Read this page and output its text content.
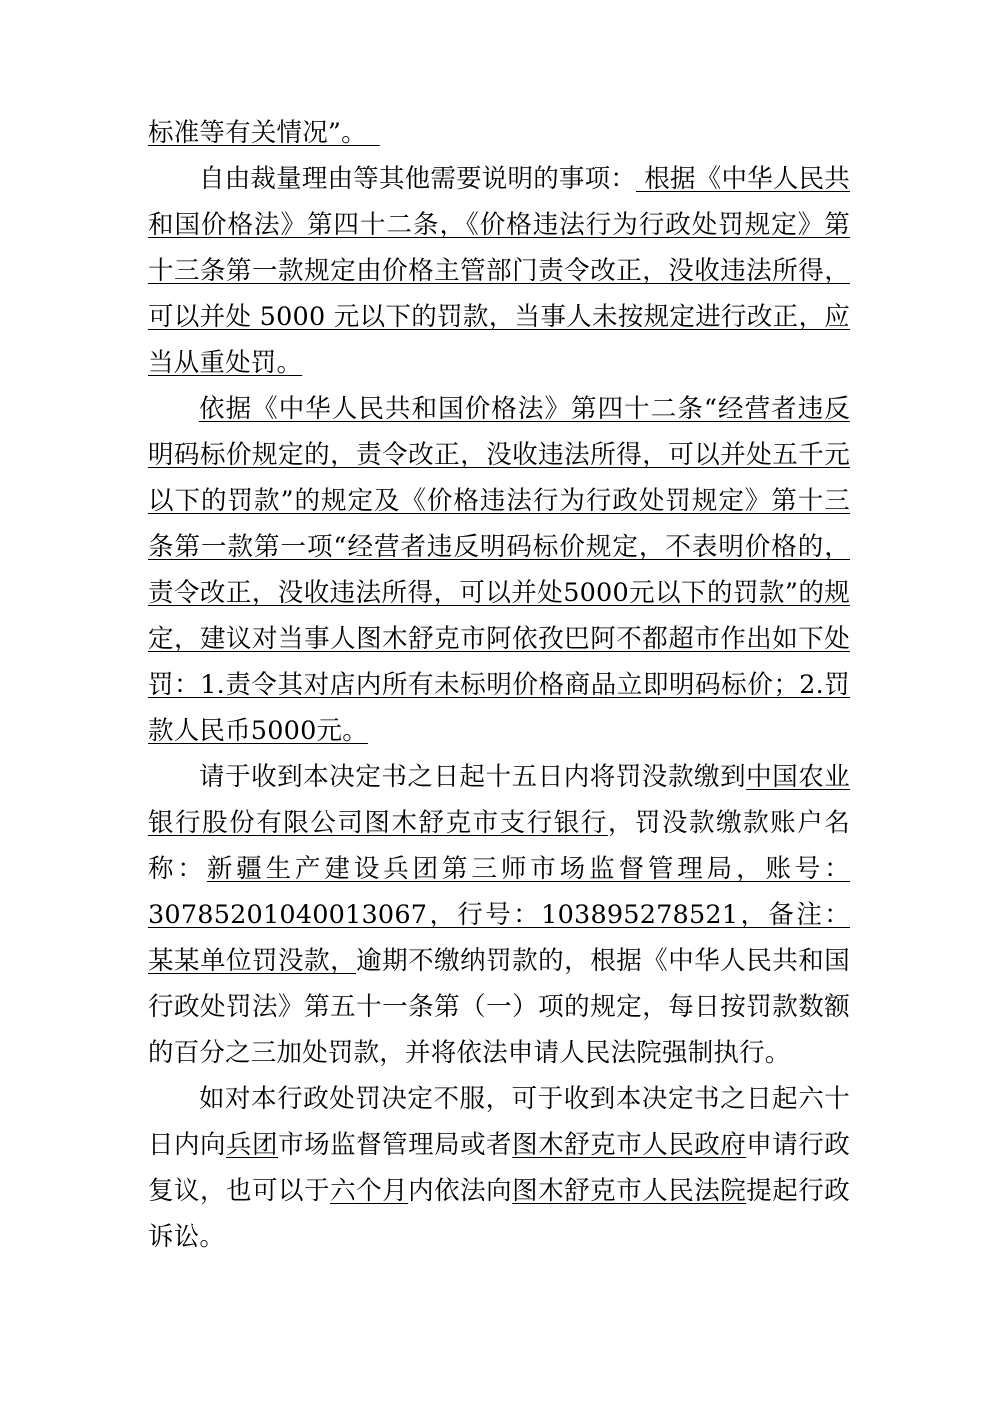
标准等有关情况”。　

自由裁量理由等其他需要说明的事项： 根据《中华人民共和国价格法》第四十二条，《价格违法行为行政处罚规定》第十三条第一款规定由价格主管部门责令改正，没收违法所得，可以并处 5000 元以下的罚款，当事人未按规定进行改正，应当从重处罚。

依据《中华人民共和国价格法》第四十二条“经营者违反明码标价规定的，责令改正，没收违法所得，可以并处五千元以下的罚款”的规定及《价格违法行为行政处罚规定》第十三条第一款第一项“经营者违反明码标价规定，不表明价格的，责令改正，没收违法所得，可以并处5000元以下的罚款”的规定，建议对当事人图木舒克市阿依孜巴阿不都超市作出如下处罚：1.责令其对店内所有未标明价格商品立即明码标价；2.罚款人民币5000元。

请于收到本决定书之日起十五日内将罚没款缴到中国农业银行股份有限公司图木舒克市支行银行，罚没款缴款账户名称：新疆生产建设兵团第三师市场监督管理局，账号：30785201040013067，行号：103895278521，备注：某某单位罚没款，逾期不缴纳罚款的，根据《中华人民共和国行政处罚法》第五十一条第（一）项的规定，每日按罚款数额的百分之三加处罚款，并将依法申请人民法院强制执行。

如对本行政处罚决定不服，可于收到本决定书之日起六十日内向兵团市场监督管理局或者图木舒克市人民政府申请行政复议，也可以于六个月内依法向图木舒克市人民法院提起行政诉讼。
